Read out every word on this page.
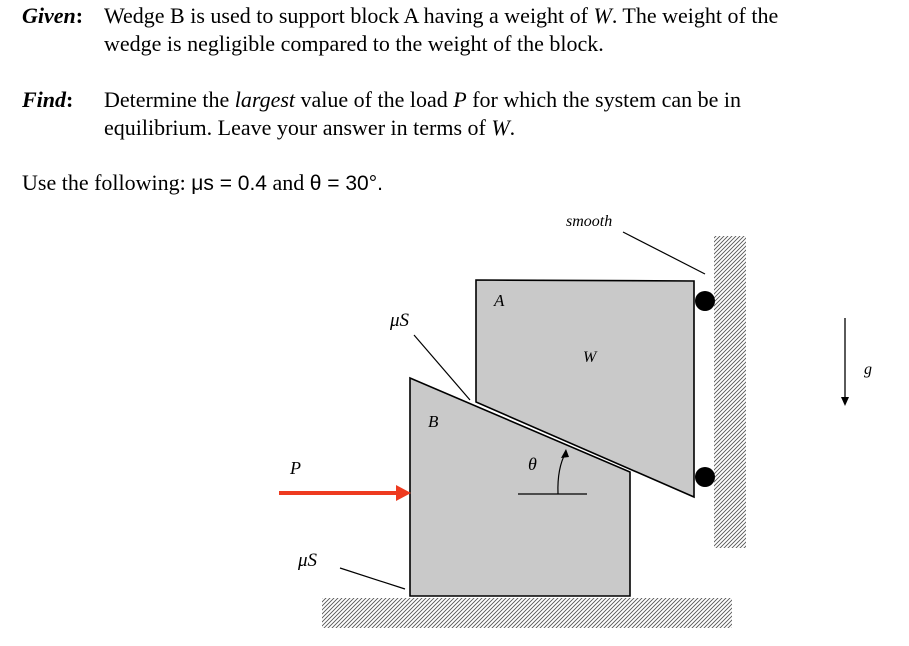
Given: Wedge B is used to support block A having a weight of W. The weight of the
wedge is negligible compared to the weight of the block.
Find: Determine the largest value of the load P for which the system can be in
equilibrium. Leave your answer in terms of W.
Use the following: μs = 0.4 and θ = 30°.
smooth
A
W
B
θ
P
μS
μS
g
